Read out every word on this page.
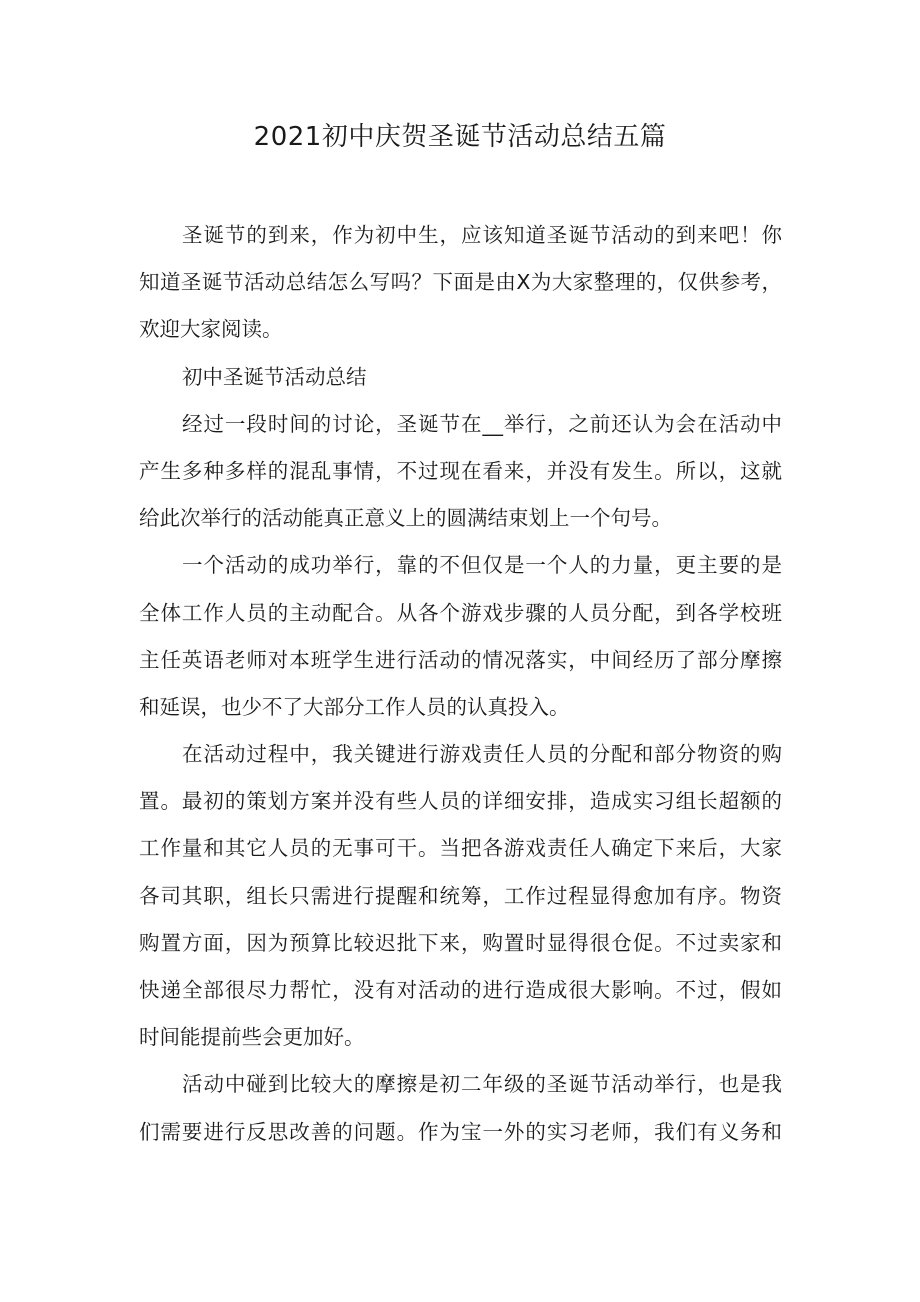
2021初中庆贺圣诞节活动总结五篇
圣诞节的到来，作为初中生，应该知道圣诞节活动的到来吧！你
知道圣诞节活动总结怎么写吗？下面是由X为大家整理的，仅供参考，
欢迎大家阅读。
初中圣诞节活动总结
经过一段时间的讨论，圣诞节在__举行，之前还认为会在活动中
产生多种多样的混乱事情，不过现在看来，并没有发生。所以，这就
给此次举行的活动能真正意义上的圆满结束划上一个句号。
一个活动的成功举行，靠的不但仅是一个人的力量，更主要的是
全体工作人员的主动配合。从各个游戏步骤的人员分配，到各学校班
主任英语老师对本班学生进行活动的情况落实，中间经历了部分摩擦
和延误，也少不了大部分工作人员的认真投入。
在活动过程中，我关键进行游戏责任人员的分配和部分物资的购
置。最初的策划方案并没有些人员的详细安排，造成实习组长超额的
工作量和其它人员的无事可干。当把各游戏责任人确定下来后，大家
各司其职，组长只需进行提醒和统筹，工作过程显得愈加有序。物资
购置方面，因为预算比较迟批下来，购置时显得很仓促。不过卖家和
快递全部很尽力帮忙，没有对活动的进行造成很大影响。不过，假如
时间能提前些会更加好。
活动中碰到比较大的摩擦是初二年级的圣诞节活动举行，也是我
们需要进行反思改善的问题。作为宝一外的实习老师，我们有义务和
